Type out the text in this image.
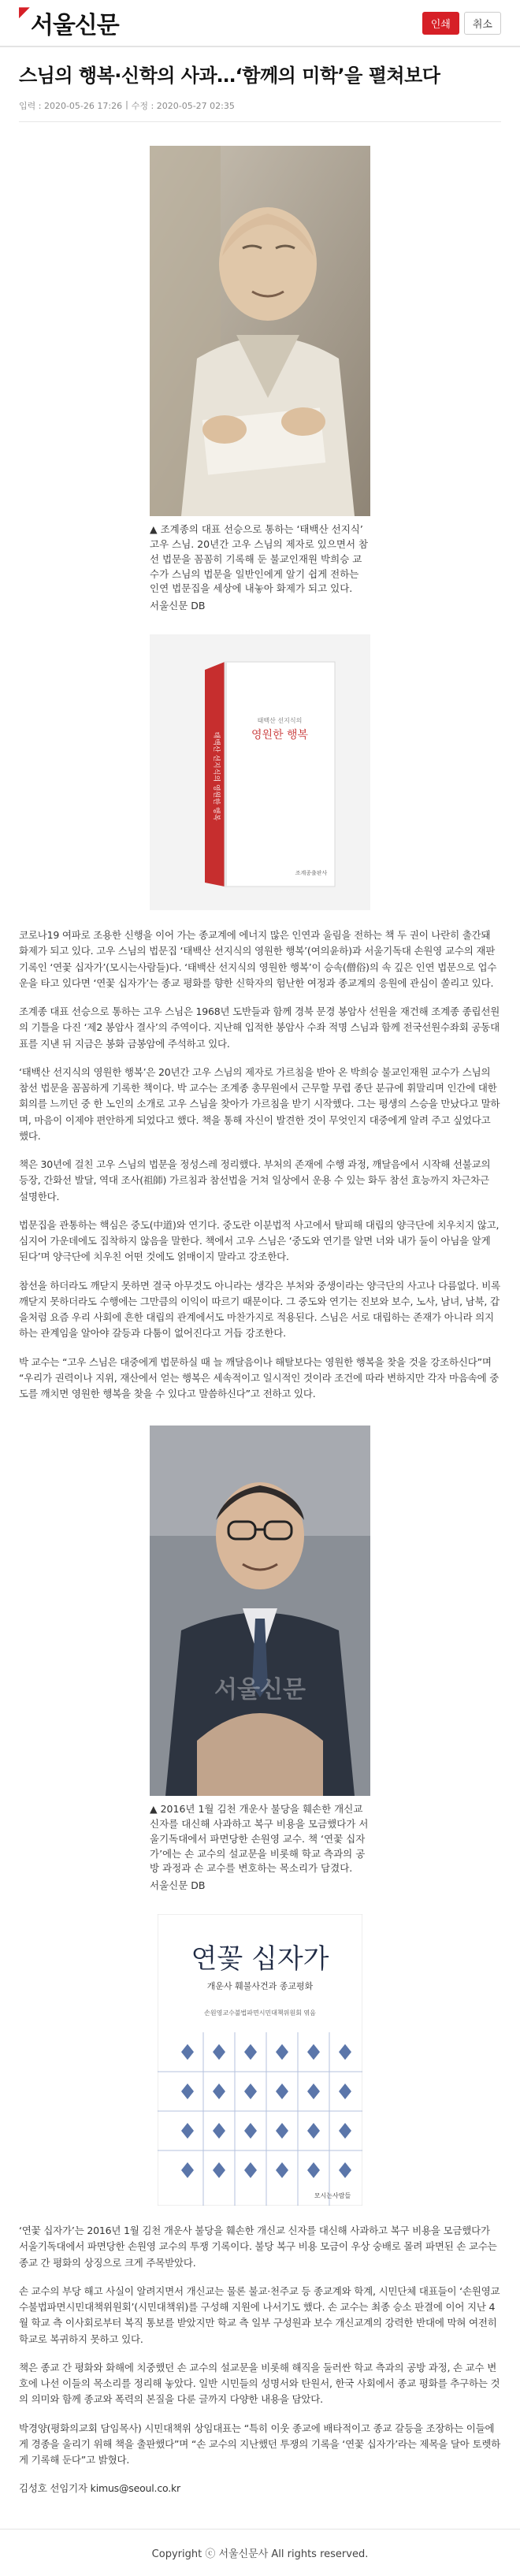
◤ 서울신문	인쇄	취소
스님의 행복·신학의 사과…‘함께의 미학’을 펼쳐보다
입력 : 2020-05-26 17:26 | 수정 : 2020-05-27 02:35

▲ 조계종의 대표 선승으로 통하는 ‘태백산 선지식’ 고우 스님. 20년간 고우 스님의 제자로 있으면서 참선 법문을 꼼꼼히 기록해 둔 불교인재원 박희승 교수가 스님의 법문을 일반인에게 알기 쉽게 전하는 인연 법문집을 세상에 내놓아 화제가 되고 있다.

서울신문 DB

태백산 선지식의 영원한 행복
태백산 선지식의
영원한 행복
조계종출판사

코로나19 여파로 조용한 신행을 이어 가는 종교계에 에너지 많은 인연과 울림을 전하는 책 두 권이 나란히 출간돼 화제가 되고 있다. 고우 스님의 법문집 ‘태백산 선지식의 영원한 행복’(여의윤하)과 서울기독대 손원영 교수의 재판 기록인 ‘연꽃 십자가’(모시는사람들)다. ‘태백산 선지식의 영원한 행복’이 승속(僧俗)의 속 깊은 인연 법문으로 업수운을 타고 있다면 ‘연꽃 십자가’는 종교 평화를 향한 신학자의 험난한 여정과 종교계의 응원에 관심이 쏠리고 있다.

조계종 대표 선승으로 통하는 고우 스님은 1968년 도반들과 함께 경북 문경 봉암사 선원을 재건해 조계종 종립선원의 기틀을 다진 ‘제2 봉암사 결사’의 주역이다. 지난해 입적한 봉암사 수좌 적명 스님과 함께 전국선원수좌회 공동대표를 지낸 뒤 지금은 봉화 금봉암에 주석하고 있다.

‘태백산 선지식의 영원한 행복’은 20년간 고우 스님의 제자로 가르침을 받아 온 박희승 불교인재원 교수가 스님의 참선 법문을 꼼꼼하게 기록한 책이다. 박 교수는 조계종 총무원에서 근무할 무렵 종단 분규에 휘말리며 인간에 대한 회의를 느끼던 중 한 노인의 소개로 고우 스님을 찾아가 가르침을 받기 시작했다. 그는 평생의 스승을 만났다고 말하며, 마음이 이제야 편안하게 되었다고 했다. 책을 통해 자신이 발견한 것이 무엇인지 대중에게 알려 주고 싶었다고 했다.

책은 30년에 걸친 고우 스님의 법문을 정성스레 정리했다. 부처의 존재에 수행 과정, 깨달음에서 시작해 선불교의 등장, 간화선 발달, 역대 조사(祖師) 가르침과 참선법을 거쳐 일상에서 운용 수 있는 화두 참선 효능까지 차근차근 설명한다.

법문집을 관통하는 핵심은 중도(中道)와 연기다. 중도란 이분법적 사고에서 탈피해 대립의 양극단에 치우치지 않고, 심지어 가운데에도 집착하지 않음을 말한다. 책에서 고우 스님은 ‘중도와 연기를 알면 너와 내가 둘이 아님을 알게 된다’며 양극단에 치우친 어떤 것에도 얽매이지 말라고 강조한다.

참선을 하더라도 깨닫지 못하면 결국 아무것도 아니라는 생각은 부처와 중생이라는 양극단의 사고나 다름없다. 비록 깨닫지 못하더라도 수행에는 그만큼의 이익이 따르기 때문이다. 그 중도와 연기는 진보와 보수, 노사, 남녀, 남북, 갑을처럼 요즘 우리 사회에 흔한 대립의 관계에서도 마찬가지로 적용된다. 스님은 서로 대립하는 존재가 아니라 의지하는 관계임을 알아야 갈등과 다툼이 없어진다고 거듭 강조한다.

박 교수는 “고우 스님은 대중에게 법문하실 때 늘 깨달음이나 해탈보다는 영원한 행복을 찾을 것을 강조하신다”며 “우리가 권력이나 지위, 재산에서 얻는 행복은 세속적이고 일시적인 것이라 조건에 따라 변하지만 각자 마음속에 중도를 깨치면 영원한 행복을 찾을 수 있다고 말씀하신다”고 전하고 있다.

서울신문

▲ 2016년 1월 김천 개운사 불당을 훼손한 개신교 신자를 대신해 사과하고 복구 비용을 모금했다가 서울기독대에서 파면당한 손원영 교수. 책 ‘연꽃 십자가’에는 손 교수의 설교문을 비롯해 학교 측과의 공방 과정과 손 교수를 변호하는 목소리가 담겼다.

서울신문 DB

연꽃 십자가
개운사 훼불사건과 종교평화
손원영교수불법파면시민대책위원회 엮음
모시는사람들

‘연꽃 십자가’는 2016년 1월 김천 개운사 불당을 훼손한 개신교 신자를 대신해 사과하고 복구 비용을 모금했다가 서울기독대에서 파면당한 손원영 교수의 투쟁 기록이다. 불당 복구 비용 모금이 우상 숭배로 몰려 파면된 손 교수는 종교 간 평화의 상징으로 크게 주목받았다.

손 교수의 부당 해고 사실이 알려지면서 개신교는 물론 불교·천주교 등 종교계와 학계, 시민단체 대표들이 ‘손원영교수불법파면시민대책위원회’(시민대책위)를 구성해 지원에 나서기도 했다. 손 교수는 최종 승소 판결에 이어 지난 4월 학교 측 이사회로부터 복직 통보를 받았지만 학교 측 일부 구성원과 보수 개신교계의 강력한 반대에 막혀 여전히 학교로 복귀하지 못하고 있다.

책은 종교 간 평화와 화해에 치중했던 손 교수의 설교문을 비롯해 해직을 둘러싼 학교 측과의 공방 과정, 손 교수 변호에 나선 이들의 목소리를 정리해 놓았다. 일반 시민들의 성명서와 탄원서, 한국 사회에서 종교 평화를 추구하는 것의 의미와 함께 종교와 폭력의 본질을 다룬 글까지 다양한 내용을 담았다.

박경양(평화의교회 담임목사) 시민대책위 상임대표는 “특히 이웃 종교에 배타적이고 종교 갈등을 조장하는 이들에게 경종을 울리기 위해 책을 출판했다”며 “손 교수의 지난했던 투쟁의 기록을 ‘연꽃 십자가’라는 제목을 달아 토렛하게 기록해 둔다”고 밝혔다.

김성호 선임기자 kimus@seoul.co.kr

Copyright ⓒ 서울신문사 All rights reserved.
